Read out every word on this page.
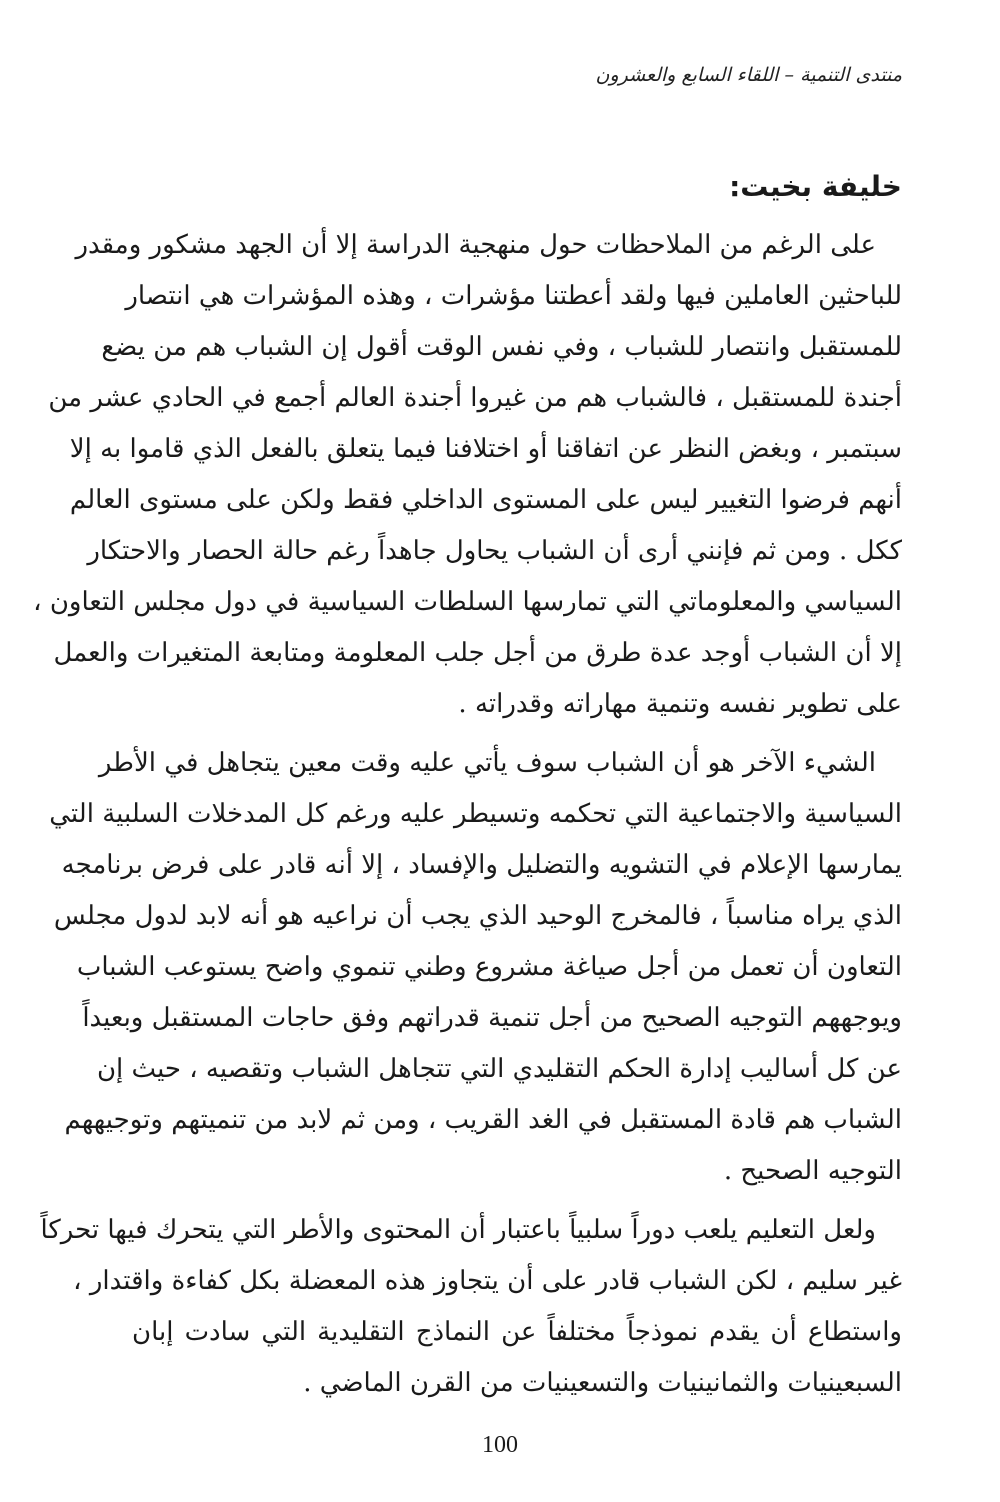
منتدى التنمية – اللقاء السابع والعشرون
خليفة بخيت:
على الرغم من الملاحظات حول منهجية الدراسة إلا أن الجهد مشكور ومقدر
للباحثين العاملين فيها ولقد أعطتنا مؤشرات ، وهذه المؤشرات هي انتصار
للمستقبل وانتصار للشباب ، وفي نفس الوقت أقول إن الشباب هم من يضع
أجندة للمستقبل ، فالشباب هم من غيروا أجندة العالم أجمع في الحادي عشر من
سبتمبر ، وبغض النظر عن اتفاقنا أو اختلافنا فيما يتعلق بالفعل الذي قاموا به إلا
أنهم فرضوا التغيير ليس على المستوى الداخلي فقط ولكن على مستوى العالم
ككل . ومن ثم فإنني أرى أن الشباب يحاول جاهداً رغم حالة الحصار والاحتكار
السياسي والمعلوماتي التي تمارسها السلطات السياسية في دول مجلس التعاون ،
إلا أن الشباب أوجد عدة طرق من أجل جلب المعلومة ومتابعة المتغيرات والعمل
على تطوير نفسه وتنمية مهاراته وقدراته .
الشيء الآخر هو أن الشباب سوف يأتي عليه وقت معين يتجاهل في الأطر
السياسية والاجتماعية التي تحكمه وتسيطر عليه ورغم كل المدخلات السلبية التي
يمارسها الإعلام في التشويه والتضليل والإفساد ، إلا أنه قادر على فرض برنامجه
الذي يراه مناسباً ، فالمخرج الوحيد الذي يجب أن نراعيه هو أنه لابد لدول مجلس
التعاون أن تعمل من أجل صياغة مشروع وطني تنموي واضح يستوعب الشباب
ويوجههم التوجيه الصحيح من أجل تنمية قدراتهم وفق حاجات المستقبل وبعيداً
عن كل أساليب إدارة الحكم التقليدي التي تتجاهل الشباب وتقصيه ، حيث إن
الشباب هم قادة المستقبل في الغد القريب ، ومن ثم لابد من تنميتهم وتوجيههم
التوجيه الصحيح .
ولعل التعليم يلعب دوراً سلبياً باعتبار أن المحتوى والأطر التي يتحرك فيها تحركاً
غير سليم ، لكن الشباب قادر على أن يتجاوز هذه المعضلة بكل كفاءة واقتدار ،
واستطاع أن يقدم نموذجاً مختلفاً عن النماذج التقليدية التي سادت إبان
السبعينيات والثمانينيات والتسعينيات من القرن الماضي .
100
